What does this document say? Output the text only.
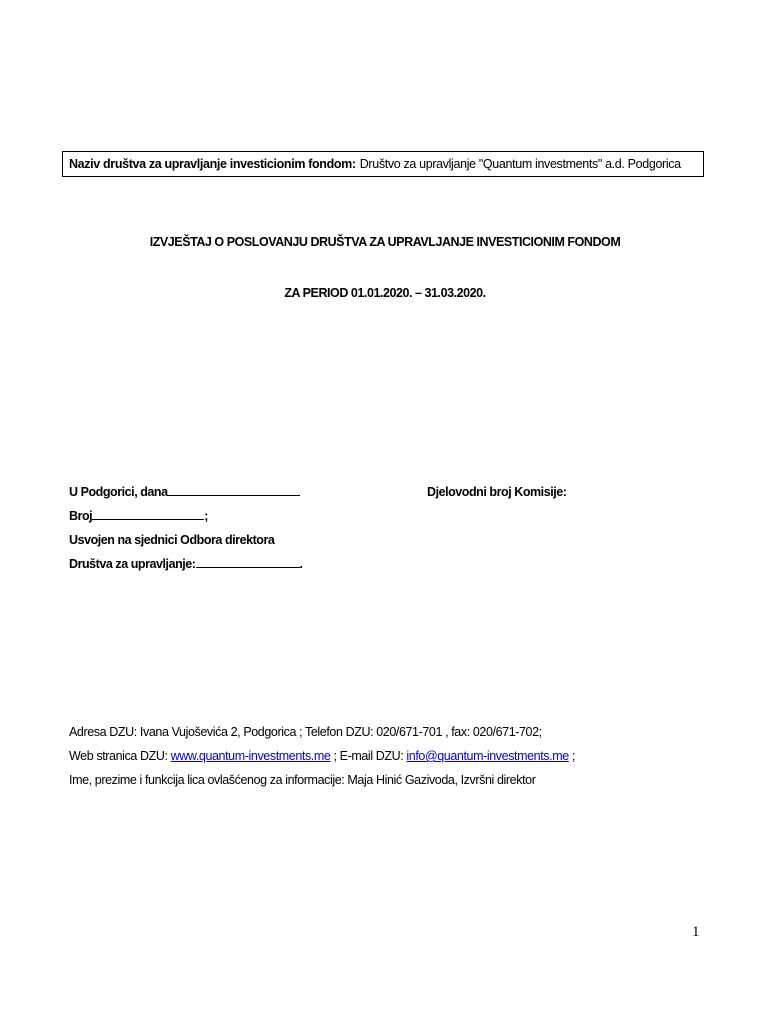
Naziv društva za upravljanje investicionim fondom: Društvo za upravljanje "Quantum investments" a.d. Podgorica
IZVJEŠTAJ O POSLOVANJU DRUŠTVA ZA UPRAVLJANJE INVESTICIONIM FONDOM
ZA PERIOD 01.01.2020. – 31.03.2020.
U Podgorici, dana
Broj	;
Usvojen na sjednici Odbora direktora
Društva za upravljanje:	.
Djelovodni broj Komisije:
Adresa DZU: Ivana Vujoševića 2, Podgorica ; Telefon DZU: 020/671-701 , fax: 020/671-702;
Web stranica DZU: www.quantum-investments.me ; E-mail DZU: info@quantum-investments.me ;
Ime, prezime i funkcija lica ovlašćenog za informacije: Maja Hinić Gazivoda, Izvršni direktor
1
